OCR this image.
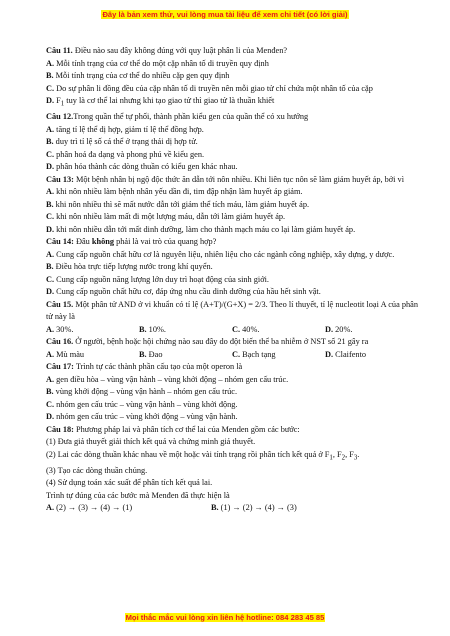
Đây là bản xem thử, vui lòng mua tài liệu để xem chi tiết (có lời giải)
Câu 11. Điều nào sau đây không đúng với quy luật phân li của Menđen?
A. Mỗi tính trạng của cơ thể do một cặp nhân tố di truyền quy định
B. Mỗi tính trạng của cơ thể do nhiều cặp gen quy định
C. Do sự phân li đồng đều của cặp nhân tố di truyền nên mỗi giao tử chỉ chứa một nhân tố của cặp
D. $F_1$ tuy là cơ thể lai nhưng khi tạo giao tử thì giao tử là thuần khiết
Câu 12.Trong quần thể tự phối, thành phần kiểu gen của quần thể có xu hướng
A. tăng tỉ lệ thể dị hợp, giảm tỉ lệ thể đồng hợp.
B. duy trì tỉ lệ số cá thể ở trạng thái dị hợp tử.
C. phân hoá đa dạng và phong phú về kiểu gen.
D. phân hóa thành các dòng thuần có kiểu gen khác nhau.
Câu 13: Một bệnh nhân bị ngộ độc thức ăn dẫn tới nôn nhiều. Khi liên tục nôn sẽ làm giảm huyết áp, bởi vì
A. khi nôn nhiều làm bệnh nhân yếu dần đi, tim đập nhận làm huyết áp giảm.
B. khi nôn nhiều thì sẽ mất nước dẫn tới giảm thể tích máu, làm giảm huyết áp.
C. khi nôn nhiều làm mất đi một lượng máu, dẫn tới làm giảm huyết áp.
D. khi nôn nhiều dẫn tới mất dinh dưỡng, làm cho thành mạch máu co lại làm giảm huyết áp.
Câu 14: Đâu không phải là vai trò của quang hợp?
A. Cung cấp nguồn chất hữu cơ là nguyên liệu, nhiên liệu cho các ngành công nghiệp, xây dựng, y dược.
B. Điều hòa trực tiếp lượng nước trong khí quyển.
C. Cung cấp nguồn năng lượng lớn duy trì hoạt động của sinh giới.
D. Cung cấp nguồn chất hữu cơ, đáp ứng nhu cầu dinh dưỡng của hầu hết sinh vật.
Câu 15. Một phân tử AND ở vi khuẩn có tỉ lệ (A+T)/(G+X) = 2/3. Theo lí thuyết, tỉ lệ nucleotit loại A của phân tử này là
A. 30%.	B. 10%.	C. 40%.	D. 20%.
Câu 16. Ở người, bệnh hoặc hội chứng nào sau đây do đột biến thể ba nhiễm ở NST số 21 gây ra
A. Mù màu	B. Đao	C. Bạch tạng	D. Claifento
Câu 17: Trình tự các thành phần cấu tạo của một operon là
A. gen điều hòa – vùng vận hành – vùng khởi động – nhóm gen cấu trúc.
B. vùng khởi động – vùng vận hành – nhóm gen cấu trúc.
C. nhóm gen cấu trúc – vùng vận hành – vùng khởi động.
D. nhóm gen cấu trúc – vùng khởi động – vùng vận hành.
Câu 18: Phương pháp lai và phân tích cơ thể lai của Menden gồm các bước:
(1) Đưa giả thuyết giải thích kết quả và chứng minh giả thuyết.
(2) Lai các dòng thuần khác nhau về một hoặc vài tính trạng rồi phân tích kết quả ở $F_1$, $F_2$, $F_3$.
(3) Tạo các dòng thuần chủng.
(4) Sử dụng toán xác suất để phân tích kết quả lai.
Trình tự đúng của các bước mà Menđen đã thực hiện là
A. (2) → (3) → (4) → (1)	B. (1) → (2) → (4) → (3)
Mọi thắc mắc vui lòng xin liên hệ hotline: 084 283 45 85
